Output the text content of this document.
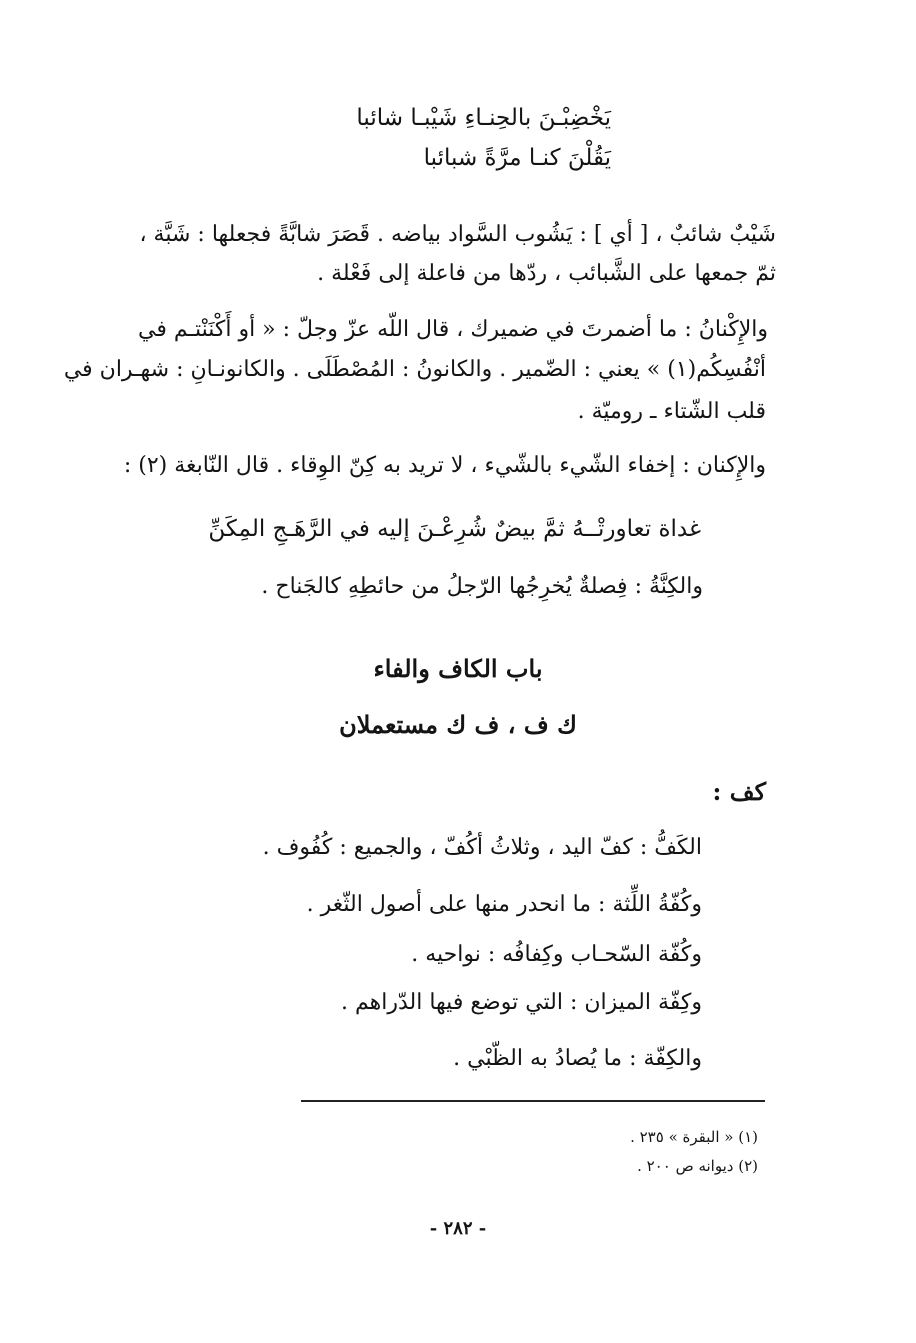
يَخْضِبْـنَ بالحِنـاءِ شَيْبـا شائبا
يَقُلْنَ كنـا مرَّةً شبائبا
شَيْبٌ شائبٌ ، [ أي ] : يَشُوب السَّواد بياضه . قَصَرَ شابَّةً فجعلها : شَبَّة ،
ثمّ جمعها على الشَّبائب ، ردّها من فاعلة إلى فَعْلة .
والإِكْنانُ : ما أضمرتَ في ضميرك ، قال اللّه عزّ وجلّ : « أو أَكْنَنْتـم في
أنْفُسِكُم(١) » يعني : الضّمير . والكانونُ : المُصْطَلَى . والكانونـانِ : شهـران في
قلب الشّتاء ـ روميّة .
والإِكنان : إخفاء الشّيء بالشّيء ، لا تريد به كِنّ الوِقاء . قال النّابغة (٢) :
غداة تعاورتْــهُ ثمَّ بيضٌ شُرِعْـنَ إليه في الرَّهَـجِ المِكَنِّ
والكِنَّةُ : فِصلةٌ يُخرِجُها الرّجلُ من حائطِهِ كالجَناح .
باب الكاف والفاء
ك ف ، ف ك مستعملان
كف :
الكَفُّ : كفّ اليد ، وثلاثُ أكُفّ ، والجميع : كُفُوف .
وكُفّةُ اللِّثة : ما انحدر منها على أصول الثّغر .
وكُفّة السّحـاب وكِفافُه : نواحيه .
وكِفّة الميزان : التي توضع فيها الدّراهم .
والكِفّة : ما يُصادُ به الظّبْي .
(١) « البقرة » ٢٣٥ .
(٢) ديوانه ص ٢٠٠ .
- ٢٨٢ -
